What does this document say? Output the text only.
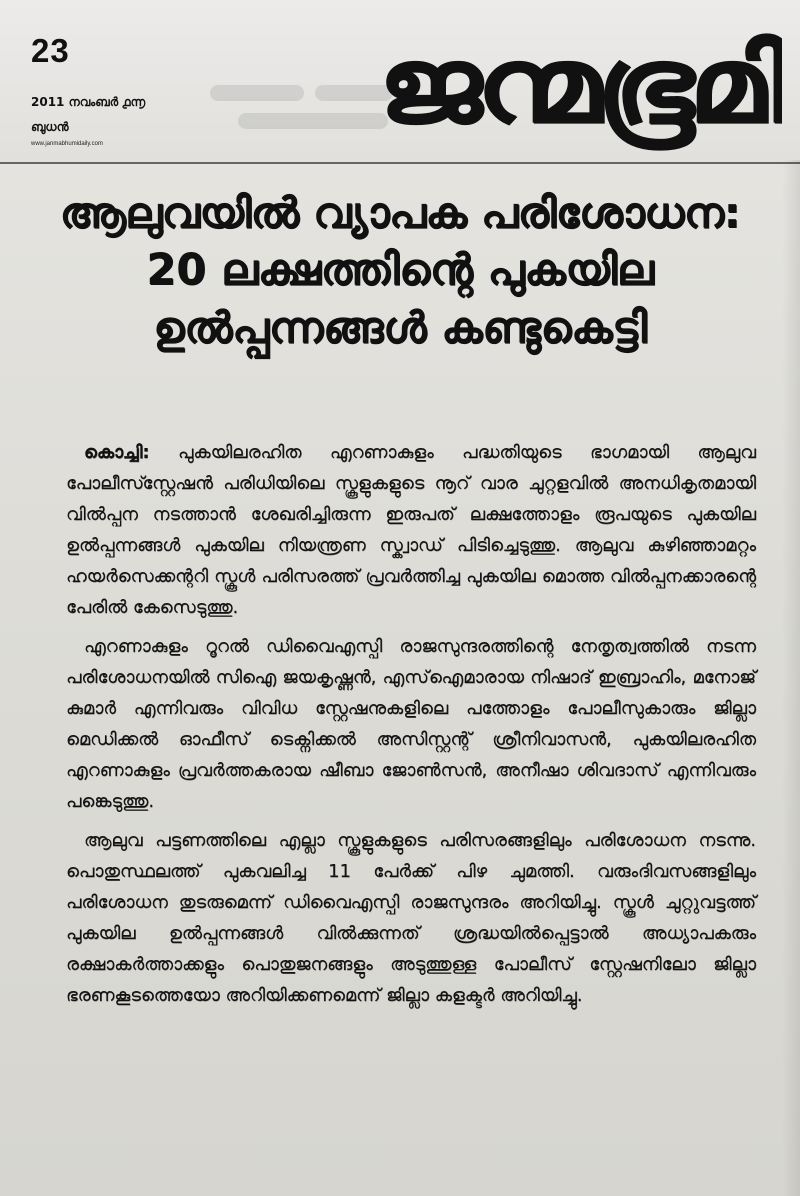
23
2011 നവംബർ ൧൬
ബുധൻ
www.janmabhumidaily.com	ജന്മഭൂമി
ആലുവയിൽ വ്യാപക പരിശോധന:
20 ലക്ഷത്തിന്റെ പുകയില
ഉൽപ്പന്നങ്ങൾ കണ്ടുകെട്ടി

കൊച്ചി: പുകയിലരഹിത എറണാകുളം പദ്ധതിയുടെ ഭാഗമായി ആലുവ പോലീസ്സ്റ്റേഷൻ പരിധിയിലെ സ്കൂളുകളുടെ നൂറ് വാര ചുറ്റളവിൽ അനധികൃതമായി വിൽപ്പന നടത്താൻ ശേഖരിച്ചിരുന്ന ഇരുപത് ലക്ഷത്തോളം രൂപയുടെ പുകയില ഉൽപ്പന്നങ്ങൾ പുകയില നിയന്ത്രണ സ്ക്വാഡ് പിടിച്ചെടുത്തു. ആലുവ കുഴിഞ്ഞാമറ്റം ഹയർസെക്കന്ററി സ്കൂൾ പരിസരത്ത് പ്രവർത്തിച്ച പുകയില മൊത്ത വിൽപ്പനക്കാരന്റെ പേരിൽ കേസെടുത്തു.

എറണാകുളം റൂറൽ ഡിവൈഎസ്പി രാജസുന്ദരത്തിന്റെ നേതൃത്വത്തിൽ നടന്ന പരിശോധനയിൽ സിഐ ജയകൃഷ്ണൻ, എസ്ഐമാരായ നിഷാദ് ഇബ്രാഹിം, മനോജ് കുമാർ എന്നിവരും വിവിധ സ്റ്റേഷനുകളിലെ പത്തോളം പോലീസുകാരും ജില്ലാ മെഡിക്കൽ ഓഫീസ് ടെക്നിക്കൽ അസിസ്റ്റന്റ് ശ്രീനിവാസൻ, പുകയിലരഹിത എറണാകുളം പ്രവർത്തകരായ ഷീബാ ജോൺസൻ, അനീഷാ ശിവദാസ് എന്നിവരും പങ്കെടുത്തു.

ആലുവ പട്ടണത്തിലെ എല്ലാ സ്കൂളുകളുടെ പരിസരങ്ങളിലും പരിശോധന നടന്നു. പൊതുസ്ഥലത്ത് പുകവലിച്ച 11 പേർക്ക് പിഴ ചുമത്തി. വരുംദിവസങ്ങളിലും പരിശോധന തുടരുമെന്ന് ഡിവൈഎസ്പി രാജസുന്ദരം അറിയിച്ചു. സ്കൂൾ ചുറ്റുവട്ടത്ത് പുകയില ഉൽപ്പന്നങ്ങൾ വിൽക്കുന്നത് ശ്രദ്ധയിൽപ്പെട്ടാൽ അധ്യാപകരും രക്ഷാകർത്താക്കളും പൊതുജനങ്ങളും അടുത്തുള്ള പോലീസ് സ്റ്റേഷനിലോ ജില്ലാ ഭരണകൂടത്തെയോ അറിയിക്കണമെന്ന് ജില്ലാ കളക്ടർ അറിയിച്ചു.
